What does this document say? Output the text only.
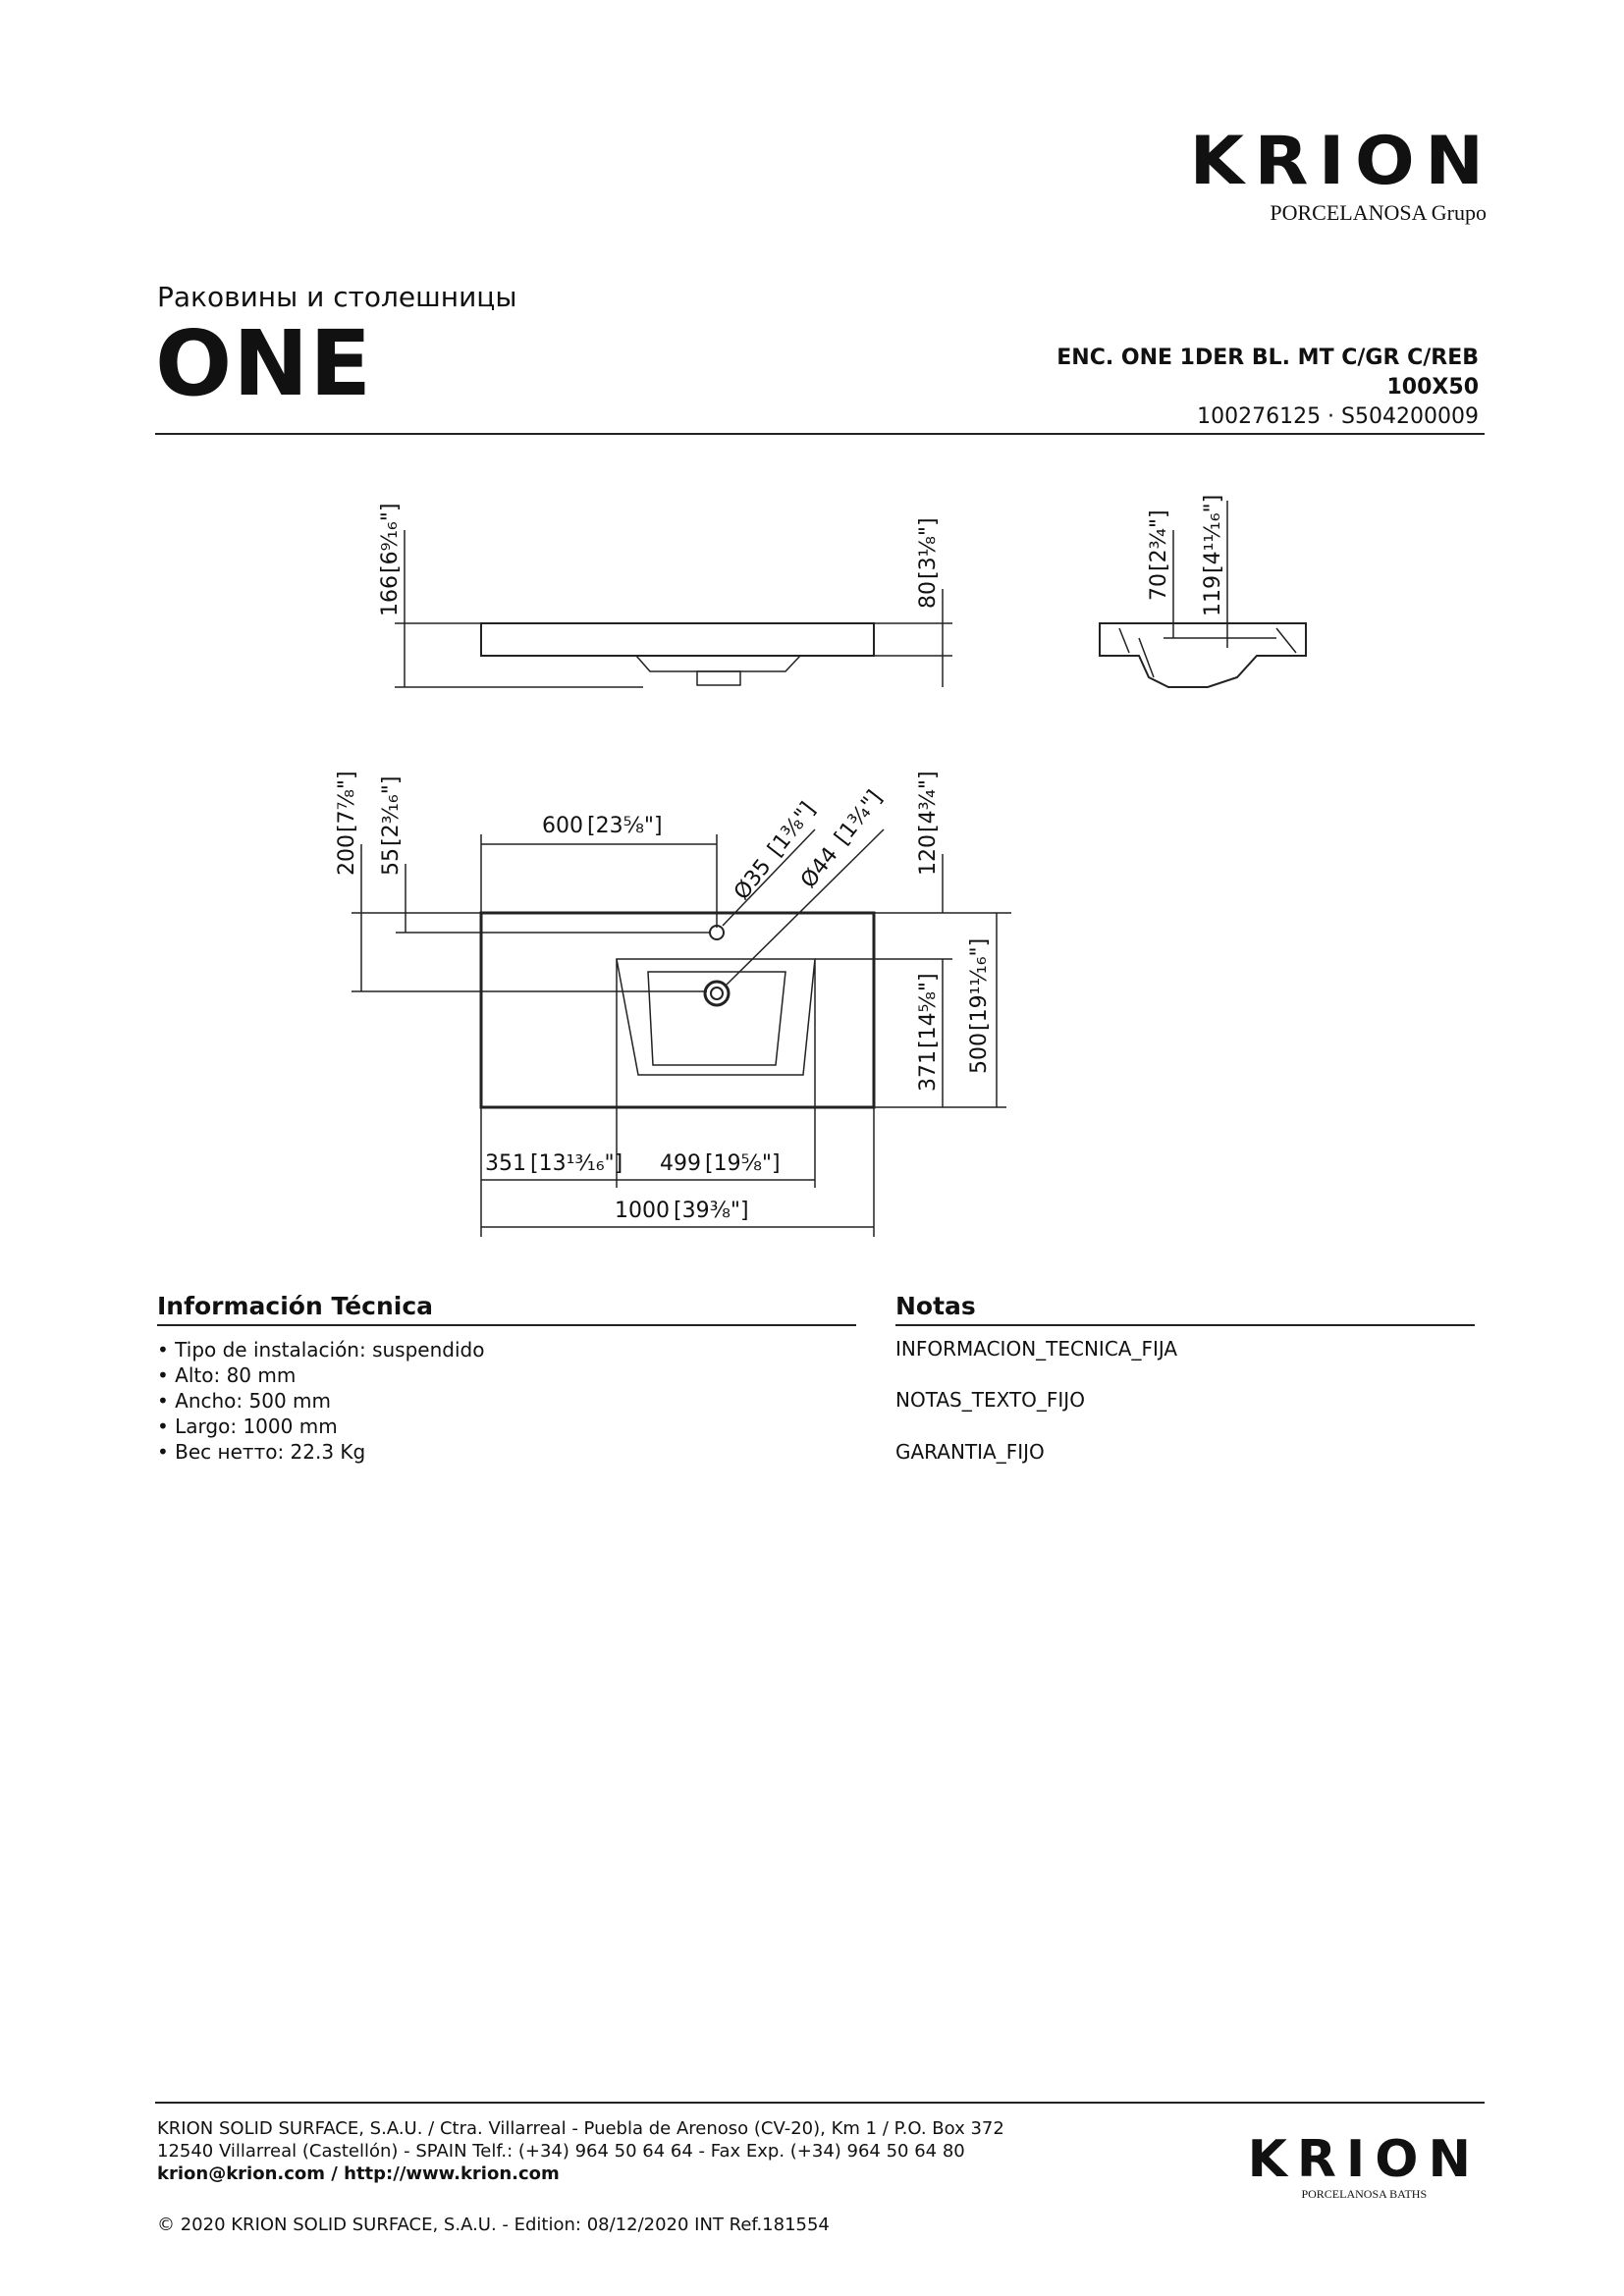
KRION
PORCELANOSA Grupo
Раковины и столешницы
ONE	ENC. ONE 1DER BL. MT C/GR C/REB
100X50
100276125 · S504200009
166
[6⁹⁄₁₆"]
80
[3⅛"]
70
[2¾"]
119
[4¹¹⁄₁₆"]
200
[7⅞"]
55
[2³⁄₁₆"]	600 [23⅝"]
Ø35
[1⅜"]
Ø44
[1¾"]
120
[4¾"]
371
[14⅝"]
500
[19¹¹⁄₁₆"]
351 [13¹³⁄₁₆"] 499 [19⅝"]
1000 [39⅜"]
Información Técnica
• Tipo de instalación: suspendido
• Alto: 80 mm
• Ancho: 500 mm
• Largo: 1000 mm
• Вес нетто: 22.3 Kg
Notas
INFORMACION_TECNICA_FIJA
NOTAS_TEXTO_FIJO
GARANTIA_FIJO
KRION SOLID SURFACE, S.A.U. / Ctra. Villarreal - Puebla de Arenoso (CV-20), Km 1 / P.O. Box 372
12540 Villarreal (Castellón) - SPAIN Telf.: (+34) 964 50 64 64 - Fax Exp. (+34) 964 50 64 80
krion@krion.com / http://www.krion.com	KRION
PORCELANOSA BATHS
© 2020 KRION SOLID SURFACE, S.A.U. - Edition: 08/12/2020 INT Ref.181554
